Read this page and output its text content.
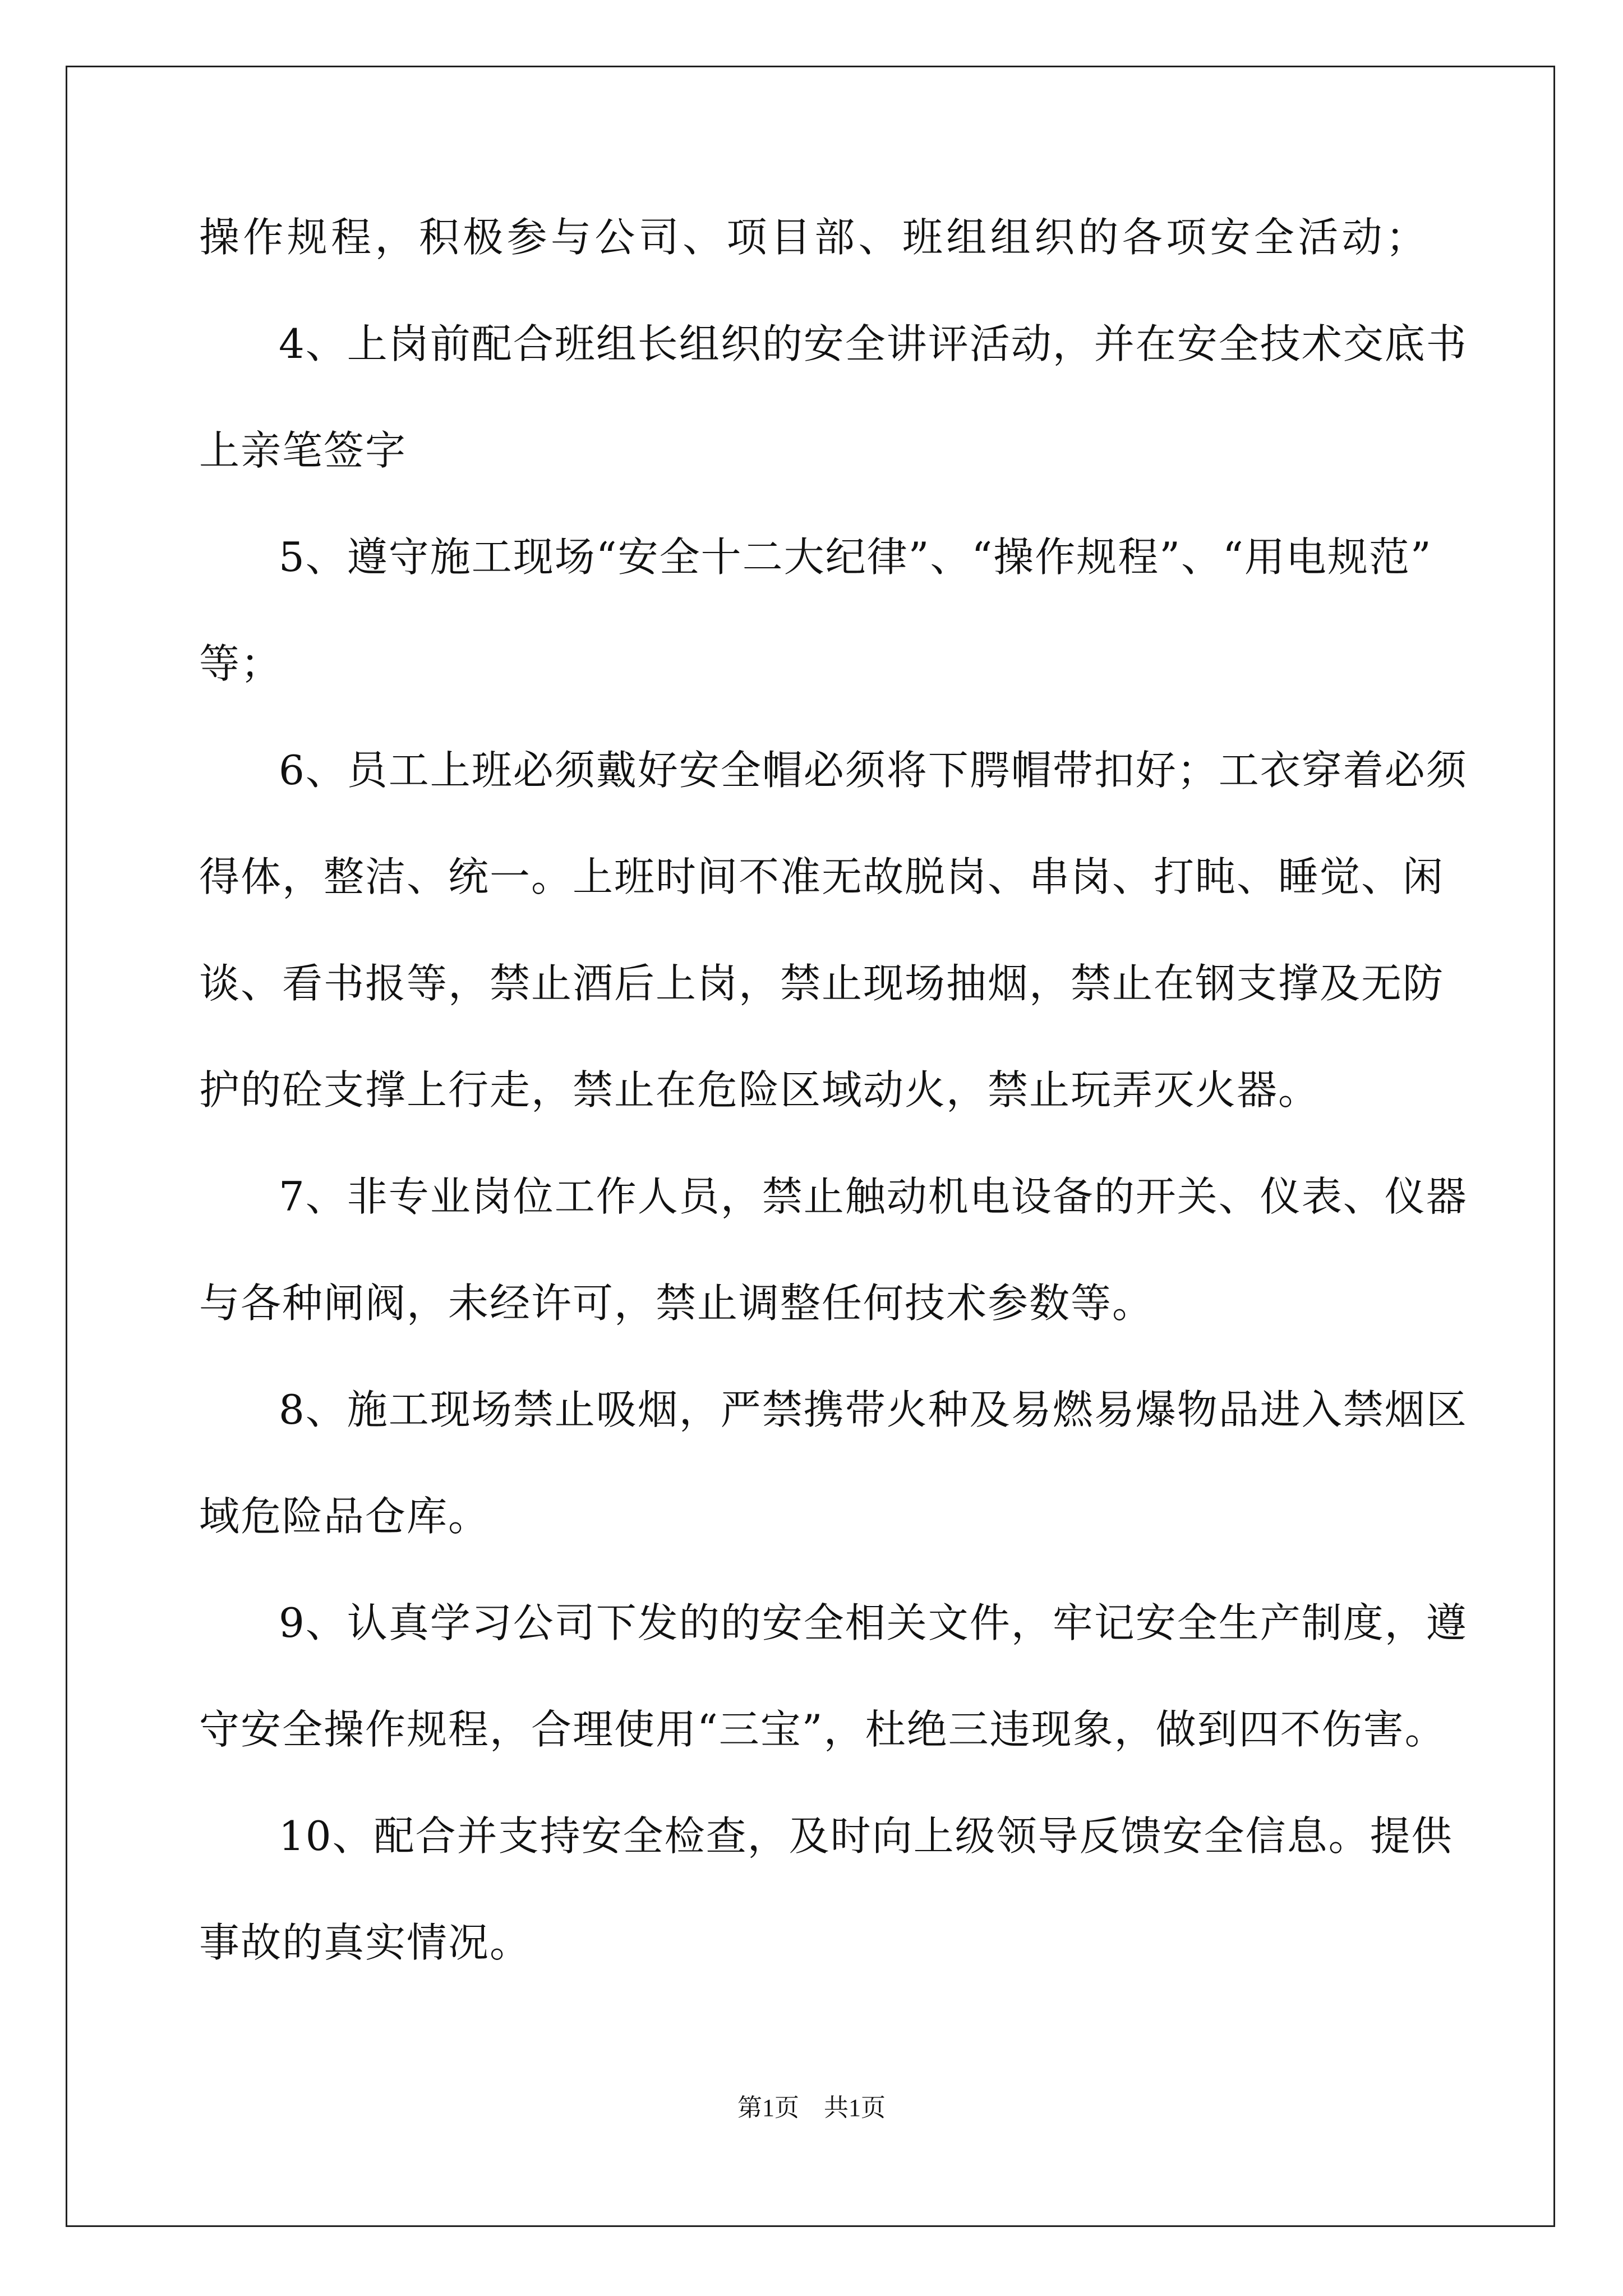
操作规程，积极参与公司、项目部、班组组织的各项安全活动；
4、上岗前配合班组长组织的安全讲评活动，并在安全技术交底书
上亲笔签字
5、遵守施工现场“安全十二大纪律”、“操作规程”、“用电规范”
等；
6、员工上班必须戴好安全帽必须将下腭帽带扣好；工衣穿着必须
得体，整洁、统一。上班时间不准无故脱岗、串岗、打盹、睡觉、闲
谈、看书报等，禁止酒后上岗，禁止现场抽烟，禁止在钢支撑及无防
护的砼支撑上行走，禁止在危险区域动火，禁止玩弄灭火器。
7、非专业岗位工作人员，禁止触动机电设备的开关、仪表、仪器
与各种闸阀，未经许可，禁止调整任何技术参数等。
8、施工现场禁止吸烟，严禁携带火种及易燃易爆物品进入禁烟区
域危险品仓库。
9、认真学习公司下发的的安全相关文件，牢记安全生产制度，遵
守安全操作规程，合理使用“三宝”，杜绝三违现象，做到四不伤害。
10、配合并支持安全检查，及时向上级领导反馈安全信息。提供
事故的真实情况。
第1页 共1页
